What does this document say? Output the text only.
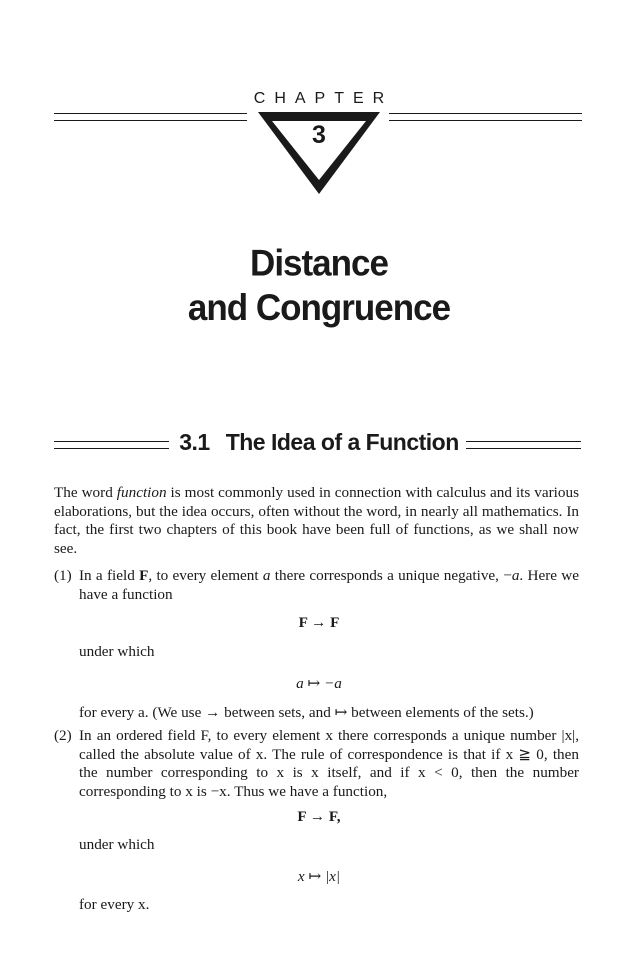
CHAPTER
3
Distance
and Congruence
3.1 The Idea of a Function
The word function is most commonly used in connection with calculus and its various elaborations, but the idea occurs, often without the word, in nearly all mathematics. In fact, the first two chapters of this book have been full of functions, as we shall now see.
(1) In a field F, to every element a there corresponds a unique negative, −a. Here we have a function
F → F
under which
a ↦ −a
for every a. (We use → between sets, and ↦ between elements of the sets.)
(2) In an ordered field F, to every element x there corresponds a unique number |x|, called the absolute value of x. The rule of correspondence is that if x ≧ 0, then the number corresponding to x is x itself, and if x < 0, then the number corresponding to x is −x. Thus we have a function,
F → F,
under which
x ↦ |x|
for every x.
